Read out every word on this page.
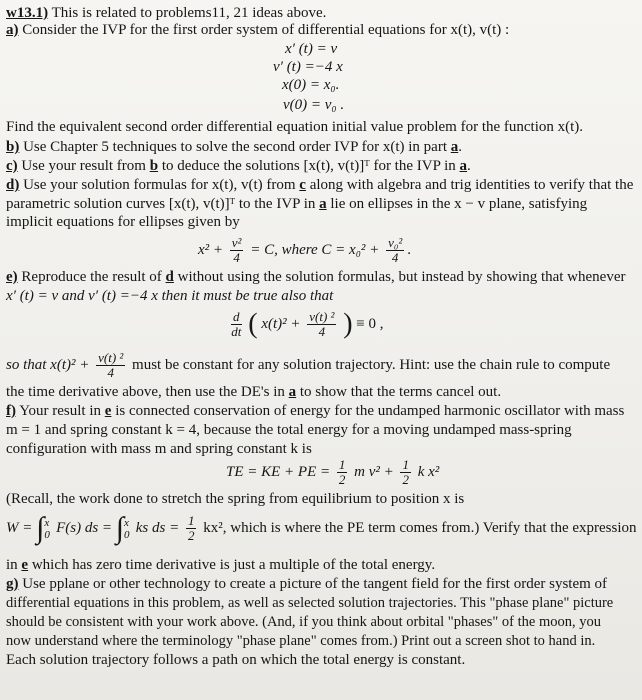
w13.1) This is related to problems11, 21 ideas above.
a) Consider the IVP for the first order system of differential equations for x(t), v(t) :
x′ (t) = v
v′ (t) =−4 x
x(0) = x₀.
v(0) = v₀ .
Find the equivalent second order differential equation initial value problem for the function x(t).
b) Use Chapter 5 techniques to solve the second order IVP for x(t) in part a.
c) Use your result from b to deduce the solutions [x(t), v(t)]ᵀ for the IVP in a.
d) Use your solution formulas for x(t), v(t) from c along with algebra and trig identities to verify that the
parametric solution curves [x(t), v(t)]ᵀ to the IVP in a lie on ellipses in the x − v plane, satisfying
implicit equations for ellipses given by
$x^2 + \frac{\text{v²}}{4} = C$, where $C = x_0^2 + \frac{\text{v₀²}}{4}$ .
e) Reproduce the result of d without using the solution formulas, but instead by showing that whenever
x′ (t) = v and v′ (t) =−4 x then it must be true also that
$\frac{d}{dt}$ ( $x(t)^2 + \frac{\text{v(t) ²}}{4}$ ) ≡ 0 ,
so that $x(t)^2 + \frac{\text{v(t) ²}}{4}$ must be constant for any solution trajectory. Hint: use the chain rule to compute
the time derivative above, then use the DE's in a to show that the terms cancel out.
f) Your result in e is connected conservation of energy for the undamped harmonic oscillator with mass
m = 1 and spring constant k = 4, because the total energy for a moving undamped mass-spring
configuration with mass m and spring constant k is
TE = KE + PE = $\frac{1}{2}$ m $v^2 + \frac{1}{2}$ k x²
(Recall, the work done to stretch the spring from equilibrium to position x is
W = ∫ x
0 F(s) ds = ∫ x
0 ks ds = $\frac{1}{2} kx^2$, which is where the PE term comes from.) Verify that the expression
in e which has zero time derivative is just a multiple of the total energy.
g) Use pplane or other technology to create a picture of the tangent field for the first order system of
differential equations in this problem, as well as selected solution trajectories. This "phase plane" picture
should be consistent with your work above. (And, if you think about orbital "phases" of the moon, you
now understand where the terminology "phase plane" comes from.) Print out a screen shot to hand in.
Each solution trajectory follows a path on which the total energy is constant.
